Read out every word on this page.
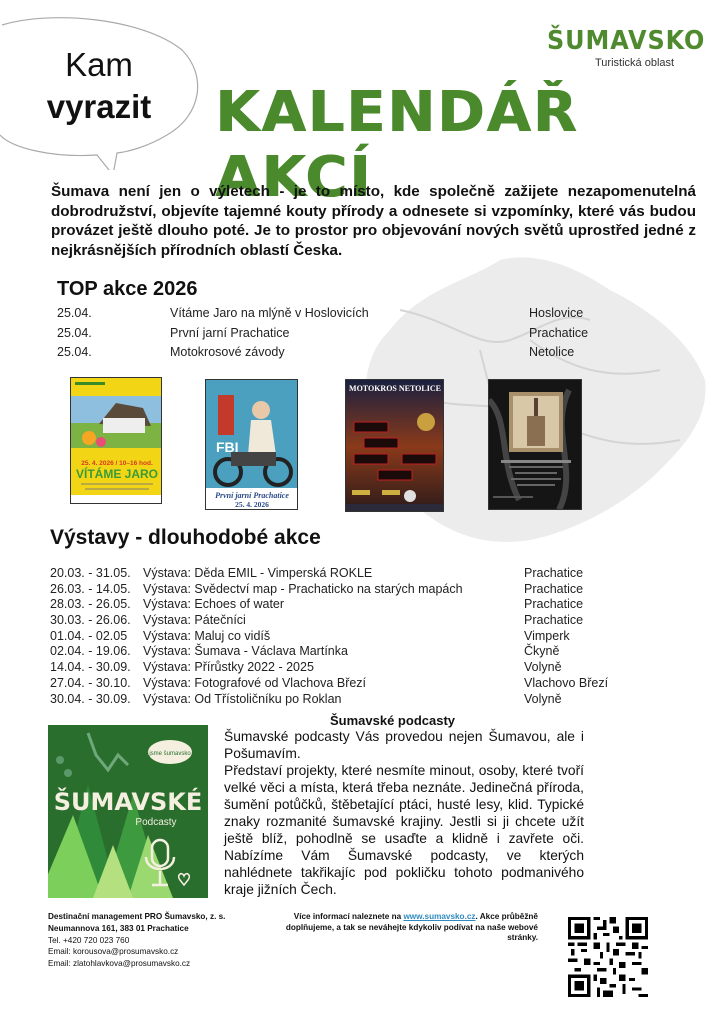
Kam
vyrazit
ŠUMAVSKO
Turistická oblast
KALENDÁŘ AKCÍ
Šumava není jen o výletech - je to místo, kde společně zažijete nezapomenutelná dobrodružství, objevíte tajemné kouty přírody a odnesete si vzpomínky, které vás budou provázet ještě dlouho poté. Je to prostor pro objevování nových světů uprostřed jedné z nejkrásnějších přírodních oblastí Česka.
TOP akce 2026
25.04.	Vítáme Jaro na mlýně v Hoslovicích	Hoslovice
25.04.	První jarní Prachatice	Prachatice
25.04.	Motokrosové závody	Netolice
25. 4. 2026 / 10–16 hod.
VÍTÁME JARO
FBI
První jarní Prachatice
25. 4. 2026
MOTOKROS NETOLICE
Výstavy - dlouhodobé akce
20.03. - 31.05. Výstava: Děda EMIL - Vimperská ROKLE	Prachatice
26.03. - 14.05. Výstava: Svědectví map - Prachaticko na starých mapách	Prachatice
28.03. - 26.05. Výstava: Echoes of water	Prachatice
30.03. - 26.06. Výstava: Pátečníci	Prachatice
01.04. - 02.05 Výstava: Maluj co vidíš	Vimperk
02.04. - 19.06. Výstava: Šumava - Václava Martínka	Čkyně
14.04. - 30.09. Výstava: Přírůstky 2022 - 2025	Volyně
27.04. - 30.10. Výstava: Fotografové od Vlachova Březí	Vlachovo Březí
30.04. - 30.09. Výstava: Od Třístoličníku po Roklan	Volyně
jsme šumavsko
ŠUMAVSKÉ
Podcasty
Šumavské podcasty

Šumavské podcasty Vás provedou nejen Šumavou, ale i Pošumavím.

Představí projekty, které nesmíte minout, osoby, které tvoří velké věci a místa, která třeba neznáte. Jedinečná příroda, šumění potůčků, štěbetající ptáci, husté lesy, klid. Typické znaky rozmanité šumavské krajiny. Jestli si ji chcete užít ještě blíž, pohodlně se usaďte a klidně i zavřete oči. Nabízíme Vám Šumavské podcasty, ve kterých nahlédnete takřikajíc pod pokličku tohoto podmanivého kraje jižních Čech.

Destinační management PRO Šumavsko, z. s.
Neumannova 161, 383 01 Prachatice
Tel. +420 720 023 760
Email: korousova@prosumavsko.cz
Email: zlatohlavkova@prosumavsko.cz
Více informací naleznete na www.sumavsko.cz. Akce průběžně doplňujeme, a tak se neváhejte kdykoliv podívat na naše webové stránky.
